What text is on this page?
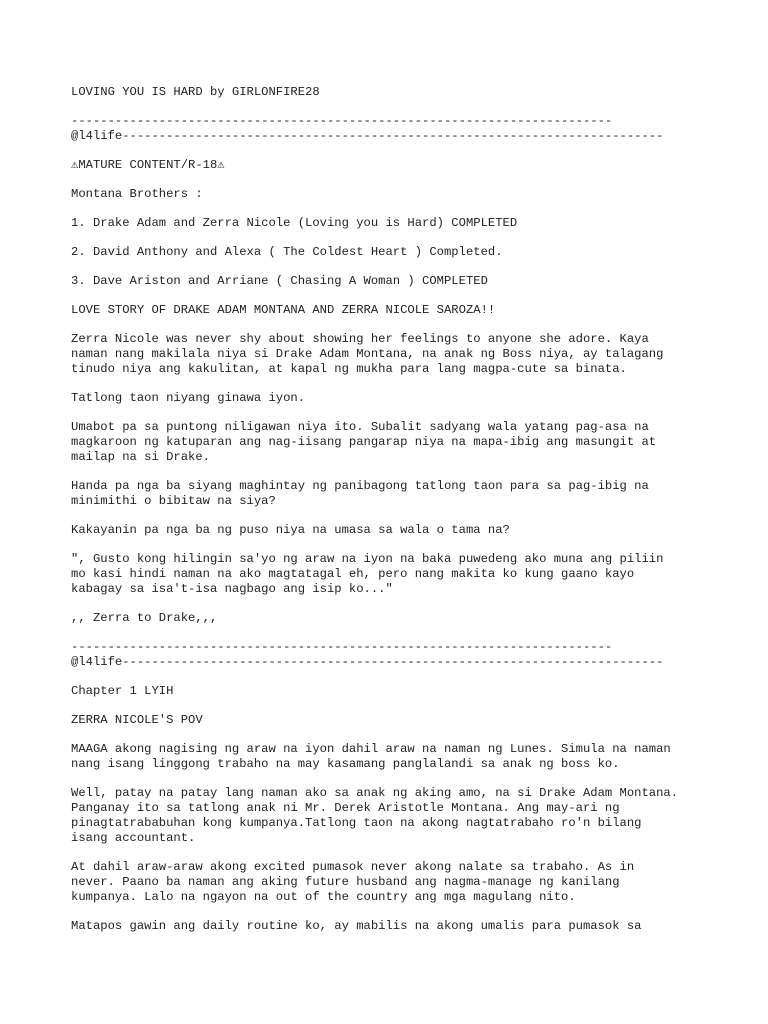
LOVING YOU IS HARD by GIRLONFIRE28
--------------------------------------------------------------------------
@l4life--------------------------------------------------------------------------
⚠MATURE CONTENT/R-18⚠
Montana Brothers :
1. Drake Adam and Zerra Nicole (Loving you is Hard) COMPLETED
2. David Anthony and Alexa ( The Coldest Heart ) Completed.
3. Dave Ariston and Arriane ( Chasing A Woman ) COMPLETED
LOVE STORY OF DRAKE ADAM MONTANA AND ZERRA NICOLE SAROZA!!
Zerra Nicole was never shy about showing her feelings to anyone she adore. Kaya
naman nang makilala niya si Drake Adam Montana, na anak ng Boss niya, ay talagang
tinudo niya ang kakulitan, at kapal ng mukha para lang magpa-cute sa binata.
Tatlong taon niyang ginawa iyon.
Umabot pa sa puntong niligawan niya ito. Subalit sadyang wala yatang pag-asa na
magkaroon ng katuparan ang nag-iisang pangarap niya na mapa-ibig ang masungit at
mailap na si Drake.
Handa pa nga ba siyang maghintay ng panibagong tatlong taon para sa pag-ibig na
minimithi o bibitaw na siya?
Kakayanin pa nga ba ng puso niya na umasa sa wala o tama na?
", Gusto kong hilingin sa'yo ng araw na iyon na baka puwedeng ako muna ang piliin
mo kasi hindi naman na ako magtatagal eh, pero nang makita ko kung gaano kayo
kabagay sa isa't-isa nagbago ang isip ko..."
,, Zerra to Drake,,,
--------------------------------------------------------------------------
@l4life--------------------------------------------------------------------------
Chapter 1 LYIH
ZERRA NICOLE'S POV
MAAGA akong nagising ng araw na iyon dahil araw na naman ng Lunes. Simula na naman
nang isang linggong trabaho na may kasamang panglalandi sa anak ng boss ko.
Well, patay na patay lang naman ako sa anak ng aking amo, na si Drake Adam Montana.
Panganay ito sa tatlong anak ni Mr. Derek Aristotle Montana. Ang may-ari ng
pinagtatrababuhan kong kumpanya.Tatlong taon na akong nagtatrabaho ro'n bilang
isang accountant.
At dahil araw-araw akong excited pumasok never akong nalate sa trabaho. As in
never. Paano ba naman ang aking future husband ang nagma-manage ng kanilang
kumpanya. Lalo na ngayon na out of the country ang mga magulang nito.
Matapos gawin ang daily routine ko, ay mabilis na akong umalis para pumasok sa
